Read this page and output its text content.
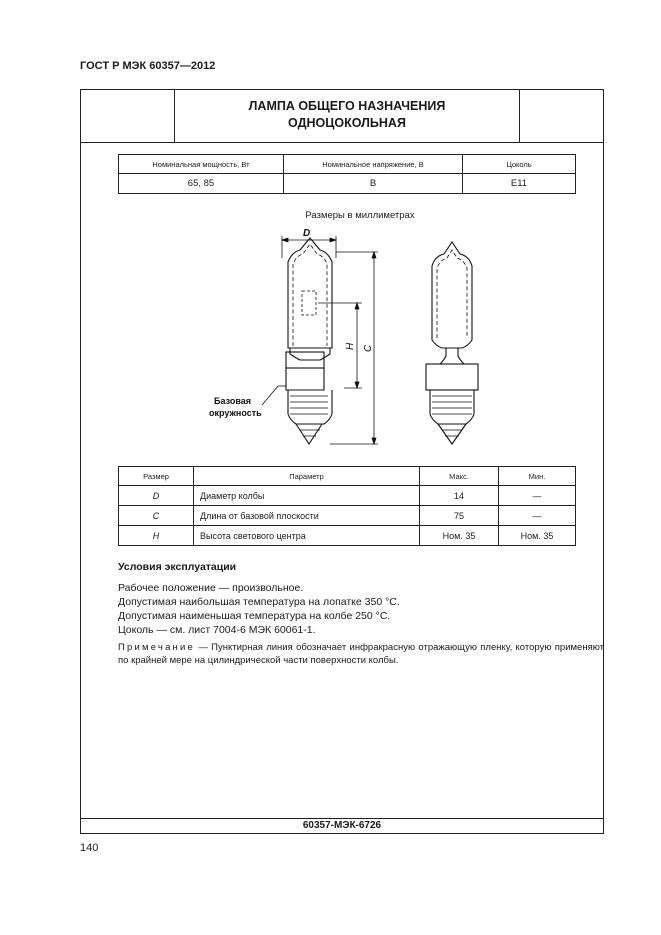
ГОСТ Р МЭК 60357—2012
ЛАМПА ОБЩЕГО НАЗНАЧЕНИЯ
ОДНОЦОКОЛЬНАЯ
Номинальная мощность, Вт	Номинальное напряжение, В	Цоколь
65, 85	В	Е11
Размеры в миллиметрах
D
H C
Базовая
окружность
Размер	Параметр	Макс.	Мин.
D	Диаметр колбы	14	—
C	Длина от базовой плоскости	75	—
H	Высота светового центра	Ном. 35	Ном. 35
Условия эксплуатации
Рабочее положение — произвольное.
Допустимая наибольшая температура на лопатке 350 °С.
Допустимая наименьшая температура на колбе 250 °С.
Цоколь — см. лист 7004-6 МЭК 60061-1.
Примечание — Пунктирная линия обозначает инфракрасную отражающую пленку, которую применяют по крайней мере на цилиндрической части поверхности колбы.
60357-МЭК-6726
140
